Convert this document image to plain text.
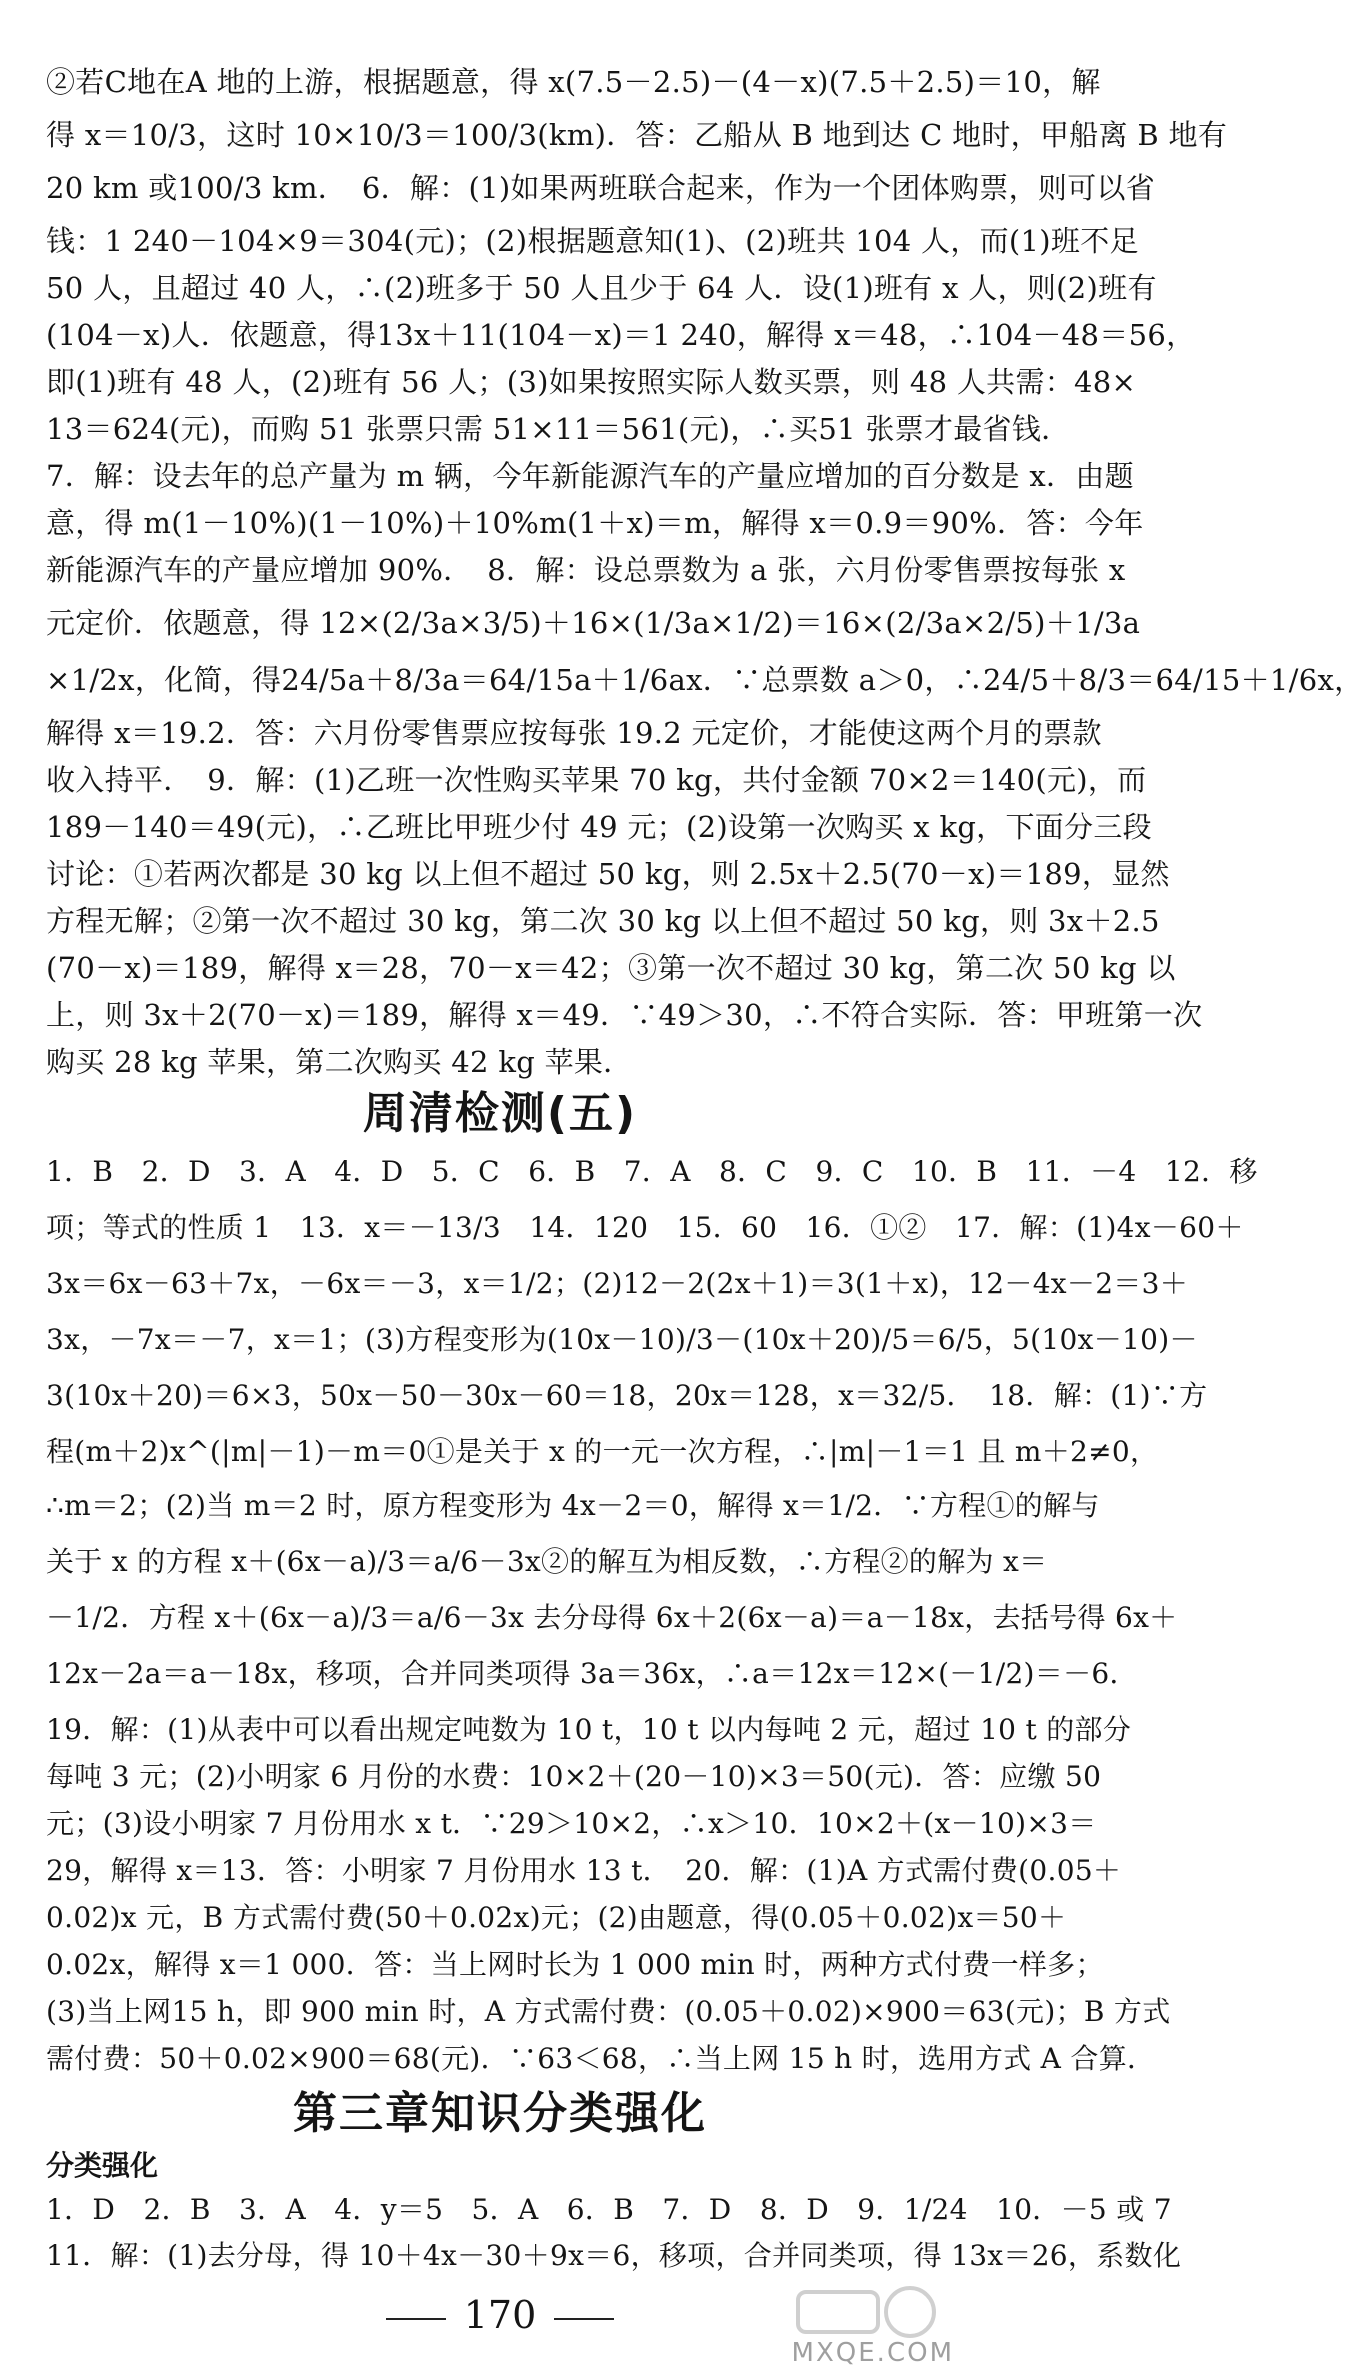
②若C地在A 地的上游，根据题意，得 x(7.5－2.5)－(4－x)(7.5＋2.5)＝10，解
得 x＝10/3，这时 10×10/3＝100/3(km)．答：乙船从 B 地到达 C 地时，甲船离 B 地有
20 km 或100/3 km．　6．解：(1)如果两班联合起来，作为一个团体购票，则可以省
钱：1 240－104×9＝304(元)；(2)根据题意知(1)、(2)班共 104 人，而(1)班不足
50 人，且超过 40 人，∴(2)班多于 50 人且少于 64 人．设(1)班有 x 人，则(2)班有
(104－x)人．依题意，得13x＋11(104－x)＝1 240，解得 x＝48，∴104－48＝56，
即(1)班有 48 人，(2)班有 56 人；(3)如果按照实际人数买票，则 48 人共需：48×
13＝624(元)，而购 51 张票只需 51×11＝561(元)，∴买51 张票才最省钱．
7．解：设去年的总产量为 m 辆，今年新能源汽车的产量应增加的百分数是 x．由题
意，得 m(1－10%)(1－10%)＋10%m(1＋x)＝m，解得 x＝0.9＝90%．答：今年
新能源汽车的产量应增加 90%．　8．解：设总票数为 a 张，六月份零售票按每张 x
元定价．依题意，得 12×(2/3a×3/5)＋16×(1/3a×1/2)＝16×(2/3a×2/5)＋1/3a
×1/2x，化简，得24/5a＋8/3a＝64/15a＋1/6ax．∵总票数 a＞0，∴24/5＋8/3＝64/15＋1/6x，
解得 x＝19.2．答：六月份零售票应按每张 19.2 元定价，才能使这两个月的票款
收入持平．　9．解：(1)乙班一次性购买苹果 70 kg，共付金额 70×2＝140(元)，而
189－140＝49(元)，∴乙班比甲班少付 49 元；(2)设第一次购买 x kg，下面分三段
讨论：①若两次都是 30 kg 以上但不超过 50 kg，则 2.5x＋2.5(70－x)＝189，显然
方程无解；②第一次不超过 30 kg，第二次 30 kg 以上但不超过 50 kg，则 3x＋2.5
(70－x)＝189，解得 x＝28，70－x＝42；③第一次不超过 30 kg，第二次 50 kg 以
上，则 3x＋2(70－x)＝189，解得 x＝49．∵49＞30，∴不符合实际．答：甲班第一次
购买 28 kg 苹果，第二次购买 42 kg 苹果．
周清检测(五)
1．B　2．D　3．A　4．D　5．C　6．B　7．A　8．C　9．C　10．B　11．－4　12．移
项；等式的性质 1　13．x＝－13/3　14．120　15．60　16．①②　17．解：(1)4x－60＋
3x＝6x－63＋7x，－6x＝－3，x＝1/2；(2)12－2(2x＋1)＝3(1＋x)，12－4x－2＝3＋
3x，－7x＝－7，x＝1；(3)方程变形为(10x－10)/3－(10x＋20)/5＝6/5，5(10x－10)－
3(10x＋20)＝6×3，50x－50－30x－60＝18，20x＝128，x＝32/5．　18．解：(1)∵方
程(m＋2)x^(|m|－1)－m＝0①是关于 x 的一元一次方程，∴|m|－1＝1 且 m＋2≠0，
∴m＝2；(2)当 m＝2 时，原方程变形为 4x－2＝0，解得 x＝1/2．∵方程①的解与
关于 x 的方程 x＋(6x－a)/3＝a/6－3x②的解互为相反数，∴方程②的解为 x＝
－1/2．方程 x＋(6x－a)/3＝a/6－3x 去分母得 6x＋2(6x－a)＝a－18x，去括号得 6x＋
12x－2a＝a－18x，移项，合并同类项得 3a＝36x，∴a＝12x＝12×(－1/2)＝－6．
19．解：(1)从表中可以看出规定吨数为 10 t，10 t 以内每吨 2 元，超过 10 t 的部分
每吨 3 元；(2)小明家 6 月份的水费：10×2＋(20－10)×3＝50(元)．答：应缴 50
元；(3)设小明家 7 月份用水 x t．∵29＞10×2，∴x＞10．10×2＋(x－10)×3＝
29，解得 x＝13．答：小明家 7 月份用水 13 t．　20．解：(1)A 方式需付费(0.05＋
0.02)x 元，B 方式需付费(50＋0.02x)元；(2)由题意，得(0.05＋0.02)x＝50＋
0.02x，解得 x＝1 000．答：当上网时长为 1 000 min 时，两种方式付费一样多；
(3)当上网15 h，即 900 min 时，A 方式需付费：(0.05＋0.02)×900＝63(元)；B 方式
需付费：50＋0.02×900＝68(元)．∵63＜68，∴当上网 15 h 时，选用方式 A 合算．
第三章知识分类强化
分类强化
1．D　2．B　3．A　4．y＝5　5．A　6．B　7．D　8．D　9．1/24　10．－5 或 7
11．解：(1)去分母，得 10＋4x－30＋9x＝6，移项，合并同类项，得 13x＝26，系数化
170
MXQE.COM
